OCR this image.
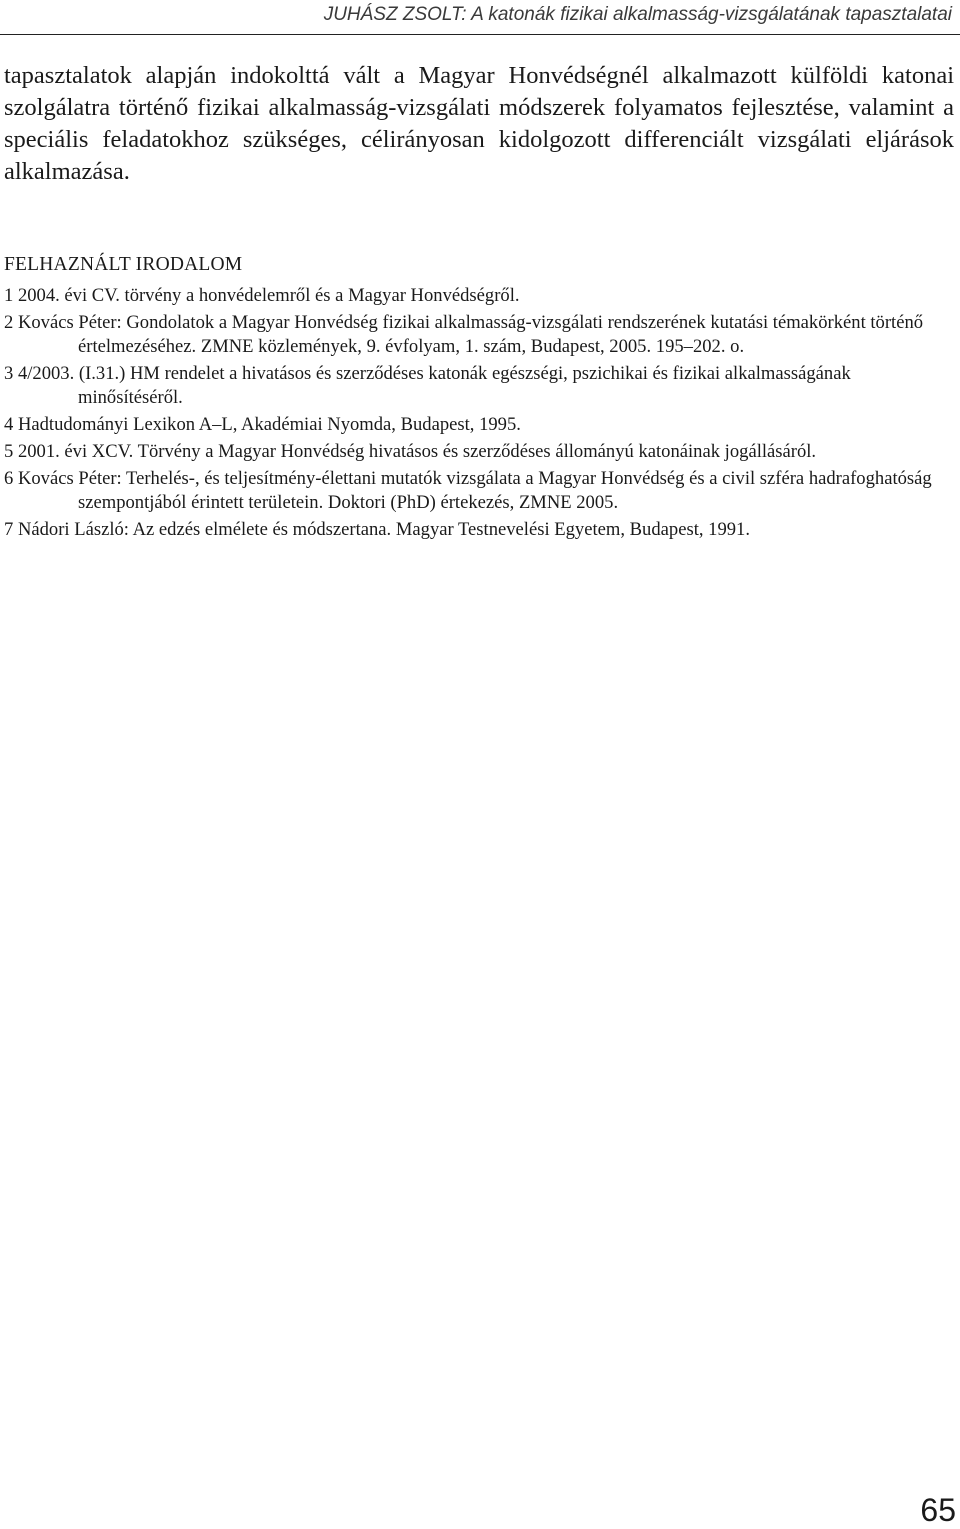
JUHÁSZ ZSOLT: A katonák fizikai alkalmasság-vizsgálatának tapasztalatai

tapasztalatok alapján indokolttá vált a Magyar Honvédségnél alkalmazott külföldi katonai szolgálatra történő fizikai alkalmasság-vizsgálati módszerek folyamatos fejlesztése, valamint a speciális feladatokhoz szükséges, célirányosan kidolgozott differenciált vizsgálati eljárások alkalmazása.

FELHAZNÁLT IRODALOM
1 2004. évi CV. törvény a honvédelemről és a Magyar Honvédségről.
2 Kovács Péter: Gondolatok a Magyar Honvédség fizikai alkalmasság-vizsgálati rendszerének kutatási témakörként történő értelmezéséhez. ZMNE közlemények, 9. évfolyam, 1. szám, Budapest, 2005. 195–202. o.
3 4/2003. (I.31.) HM rendelet a hivatásos és szerződéses katonák egészségi, pszichikai és fizikai alkalmasságának minősítéséről.
4 Hadtudományi Lexikon A–L, Akadémiai Nyomda, Budapest, 1995.
5 2001. évi XCV. Törvény a Magyar Honvédség hivatásos és szerződéses állományú katonáinak jogállásáról.
6 Kovács Péter: Terhelés-, és teljesítmény-élettani mutatók vizsgálata a Magyar Honvédség és a civil szféra hadrafoghatóság szempontjából érintett területein. Doktori (PhD) értekezés, ZMNE 2005.
7 Nádori László: Az edzés elmélete és módszertana. Magyar Testnevelési Egyetem, Budapest, 1991.
65
